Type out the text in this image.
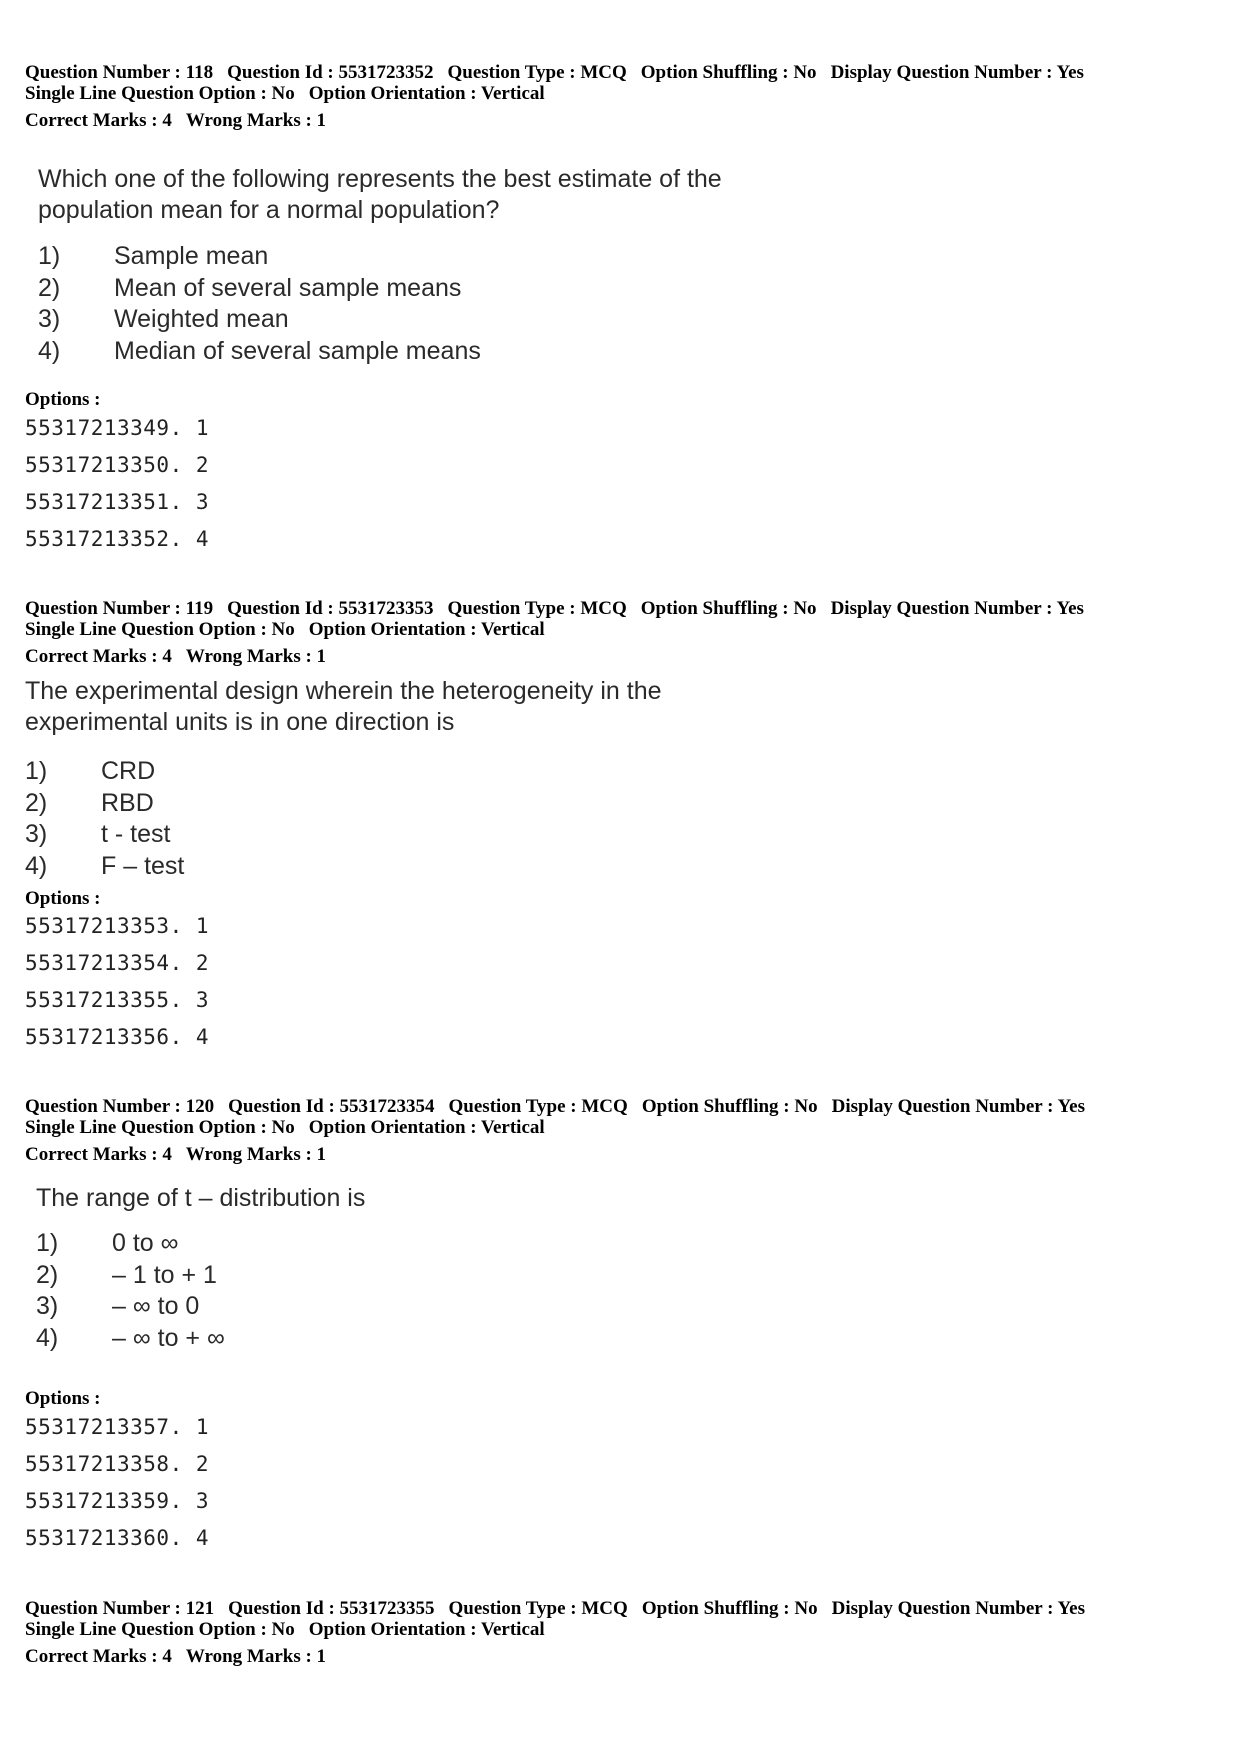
Question Number : 118 Question Id : 5531723352 Question Type : MCQ Option Shuffling : No Display Question Number : Yes
Single Line Question Option : No Option Orientation : Vertical
Correct Marks : 4 Wrong Marks : 1
Which one of the following represents the best estimate of the
population mean for a normal population?
1)	Sample mean
2)	Mean of several sample means
3)	Weighted mean
4)	Median of several sample means
Options :
55317213349. 1
55317213350. 2
55317213351. 3
55317213352. 4
Question Number : 119 Question Id : 5531723353 Question Type : MCQ Option Shuffling : No Display Question Number : Yes
Single Line Question Option : No Option Orientation : Vertical
Correct Marks : 4 Wrong Marks : 1
The experimental design wherein the heterogeneity in the
experimental units is in one direction is
1)	CRD
2)	RBD
3)	t - test
4)	F – test
Options :
55317213353. 1
55317213354. 2
55317213355. 3
55317213356. 4
Question Number : 120 Question Id : 5531723354 Question Type : MCQ Option Shuffling : No Display Question Number : Yes
Single Line Question Option : No Option Orientation : Vertical
Correct Marks : 4 Wrong Marks : 1
The range of t – distribution is
1)	0 to ∞
2)	– 1 to + 1
3)	– ∞ to 0
4)	– ∞ to + ∞
Options :
55317213357. 1
55317213358. 2
55317213359. 3
55317213360. 4
Question Number : 121 Question Id : 5531723355 Question Type : MCQ Option Shuffling : No Display Question Number : Yes
Single Line Question Option : No Option Orientation : Vertical
Correct Marks : 4 Wrong Marks : 1
